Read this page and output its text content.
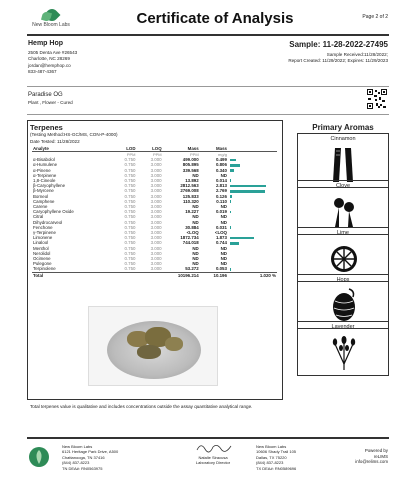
New Bloom Labs	Certificate of Analysis	Page 2 of 2
Hemp Hop
2505 Denta Ave #26543
Charlotte, NC 28269
jordan@hemphop.co
833-487-4367
Sample: 11-28-2022-27495
Sample Received:11/28/2022;
Report Created: 11/29/2022; Expires: 11/29/2023
Paradise OG
Plant , Flower - Cured
Terpenes
(Testing Method:HS-GC/MS, CON-P-4000)
Date Tested: 11/28/2022
Analyte	LOD	LOQ	Mass	Mass	
	PPM	PPM	PPM	mg/g	
α-Bisabolol	0.750	3.000	499.000	0.499	

α-Humulene	0.750	3.000	805.895	0.806	

α-Pinene	0.750	3.000	339.568	0.340	

α-Terpinene	0.750	3.000	ND	ND	

1,8-Cineole	0.750	3.000	13.892	0.014	

β-Caryophyllene	0.750	3.000	2812.563	2.813	

β-Myrcene	0.750	3.000	2769.008	2.769	

Borneol	0.750	3.000	125.833	0.126	

Camphene	0.750	3.000	110.320	0.110	

Carene	0.750	3.000	ND	ND	

Caryophyllene Oxide	0.750	3.000	19.227	0.019	

Citral	0.750	3.000	ND	ND	

Dihydrocarveol	0.750	3.000	ND	ND	

Fenchone	0.750	3.000	30.884	0.031	

γ-Terpinene	0.750	3.000	<LOQ	<LOQ	

Limonene	0.750	3.000	1872.734	1.873	

Linalool	0.750	3.000	744.018	0.744	

Menthol	0.750	3.000	ND	ND	

Nerolidol	0.750	3.000	ND	ND	

Ocimene	0.750	3.000	ND	ND	

Pulegone	0.750	3.000	ND	ND	

Terpinolene	0.750	3.000	53.272	0.053	

Total			10196.214	10.196	1.020 %
Primary Aromas
Cinnamon
Clove
Lime
Hops
Lavender
Total terpenes value is qualitative and includes concentrations outside the assay quantitative analytical range.
New Bloom Labs
6121 Heritage Park Drive, A500
Chattanooga, TN 37416
(844) 837-8223
TN DEA#: RN0563975
Natalie Siracusa
Laboratory Director
New Bloom Labs
10606 Shady Trail 105
Dallas, TX 75220
(844) 837-8223
TX DEA#: RN0589696
Powered by
reLIMS
info@relims.com
